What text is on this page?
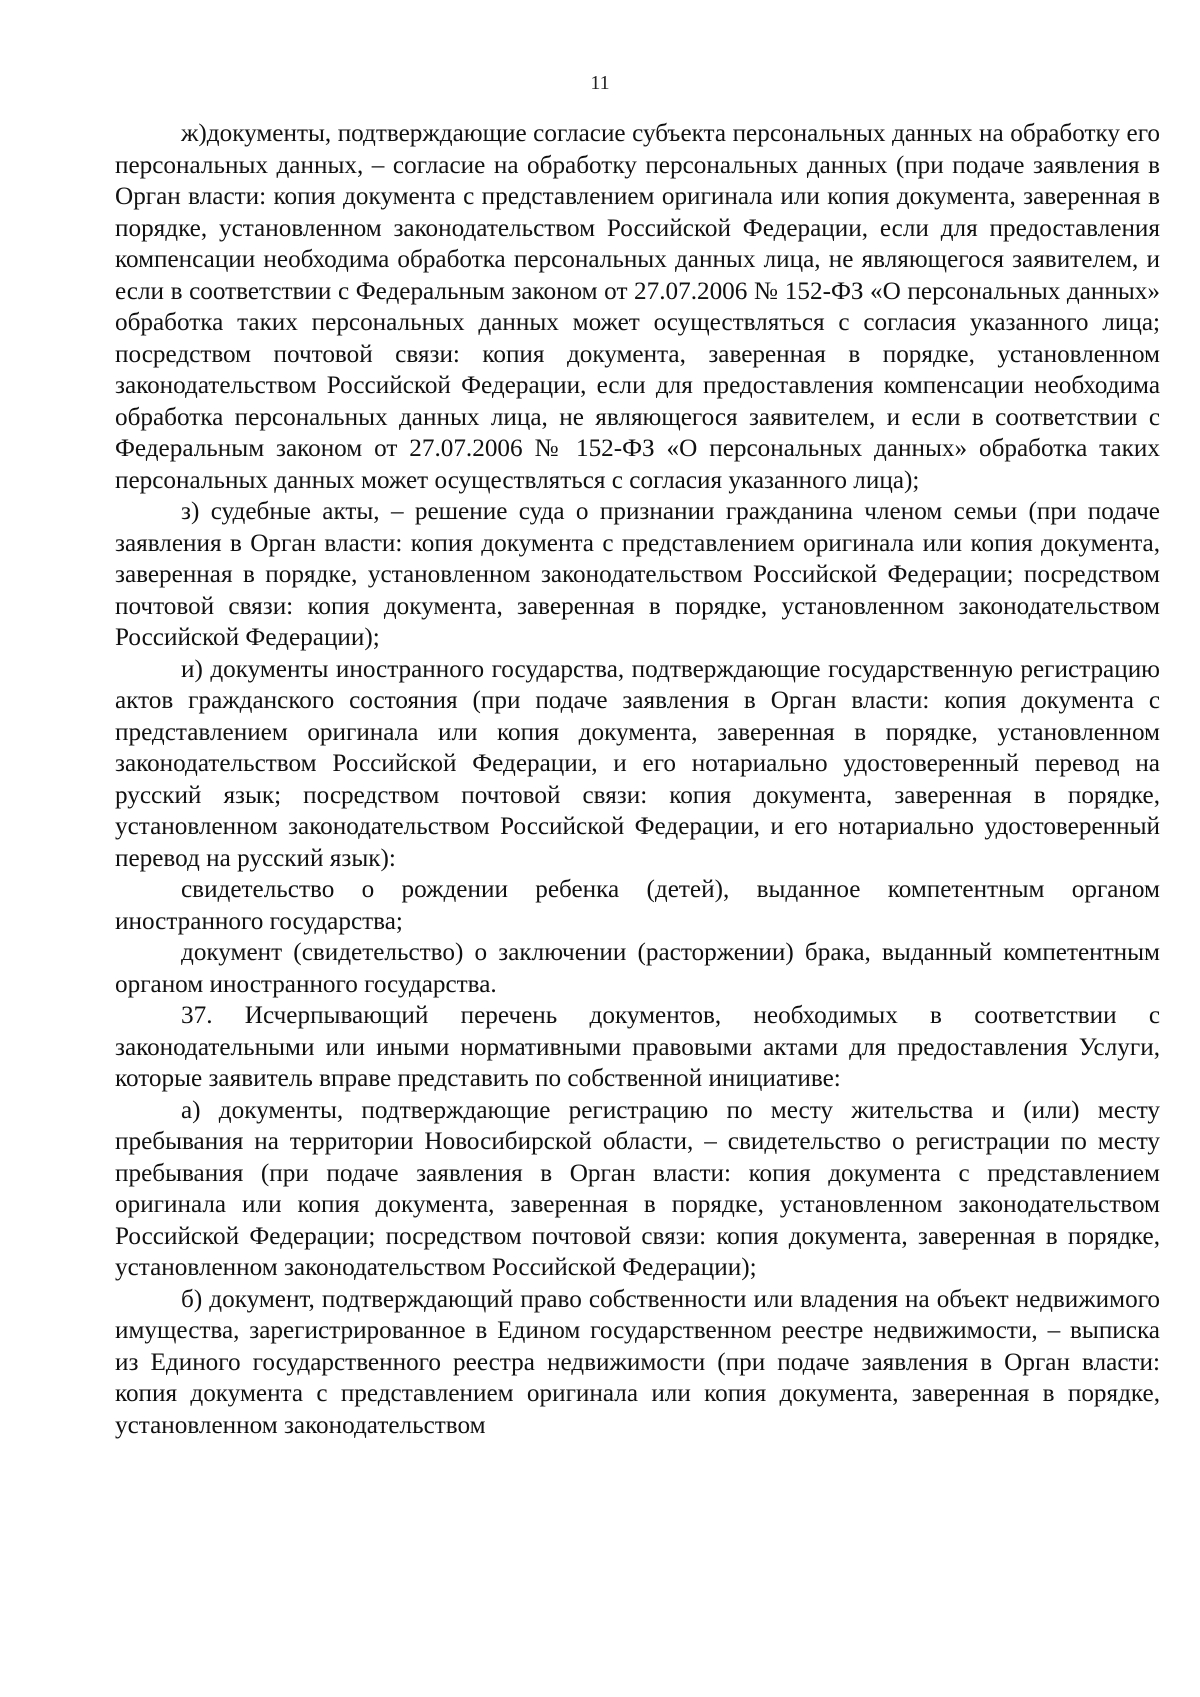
11

ж)документы, подтверждающие согласие субъекта персональных данных на обработку его персональных данных, – согласие на обработку персональных данных (при подаче заявления в Орган власти: копия документа с представлением оригинала или копия документа, заверенная в порядке, установленном законодательством Российской Федерации, если для предоставления компенсации необходима обработка персональных данных лица, не являющегося заявителем, и если в соответствии с Федеральным законом от 27.07.2006 № 152-ФЗ «О персональных данных» обработка таких персональных данных может осуществляться с согласия указанного лица; посредством почтовой связи: копия документа, заверенная в порядке, установленном законодательством Российской Федерации, если для предоставления компенсации необходима обработка персональных данных лица, не являющегося заявителем, и если в соответствии с Федеральным законом от 27.07.2006 № 152-ФЗ «О персональных данных» обработка таких персональных данных может осуществляться с согласия указанного лица);

з) судебные акты, – решение суда о признании гражданина членом семьи (при подаче заявления в Орган власти: копия документа с представлением оригинала или копия документа, заверенная в порядке, установленном законодательством Российской Федерации; посредством почтовой связи: копия документа, заверенная в порядке, установленном законодательством Российской Федерации);

и) документы иностранного государства, подтверждающие государственную регистрацию актов гражданского состояния (при подаче заявления в Орган власти: копия документа с представлением оригинала или копия документа, заверенная в порядке, установленном законодательством Российской Федерации, и его нотариально удостоверенный перевод на русский язык; посредством почтовой связи: копия документа, заверенная в порядке, установленном законодательством Российской Федерации, и его нотариально удостоверенный перевод на русский язык):

свидетельство о рождении ребенка (детей), выданное компетентным органом иностранного государства;

документ (свидетельство) о заключении (расторжении) брака, выданный компетентным органом иностранного государства.

37. Исчерпывающий перечень документов, необходимых в соответствии с законодательными или иными нормативными правовыми актами для предоставления Услуги, которые заявитель вправе представить по собственной инициативе:

а) документы, подтверждающие регистрацию по месту жительства и (или) месту пребывания на территории Новосибирской области, – свидетельство о регистрации по месту пребывания (при подаче заявления в Орган власти: копия документа с представлением оригинала или копия документа, заверенная в порядке, установленном законодательством Российской Федерации; посредством почтовой связи: копия документа, заверенная в порядке, установленном законодательством Российской Федерации);

б) документ, подтверждающий право собственности или владения на объект недвижимого имущества, зарегистрированное в Едином государственном реестре недвижимости, – выписка из Единого государственного реестра недвижимости (при подаче заявления в Орган власти: копия документа с представлением оригинала или копия документа, заверенная в порядке, установленном законодательством
